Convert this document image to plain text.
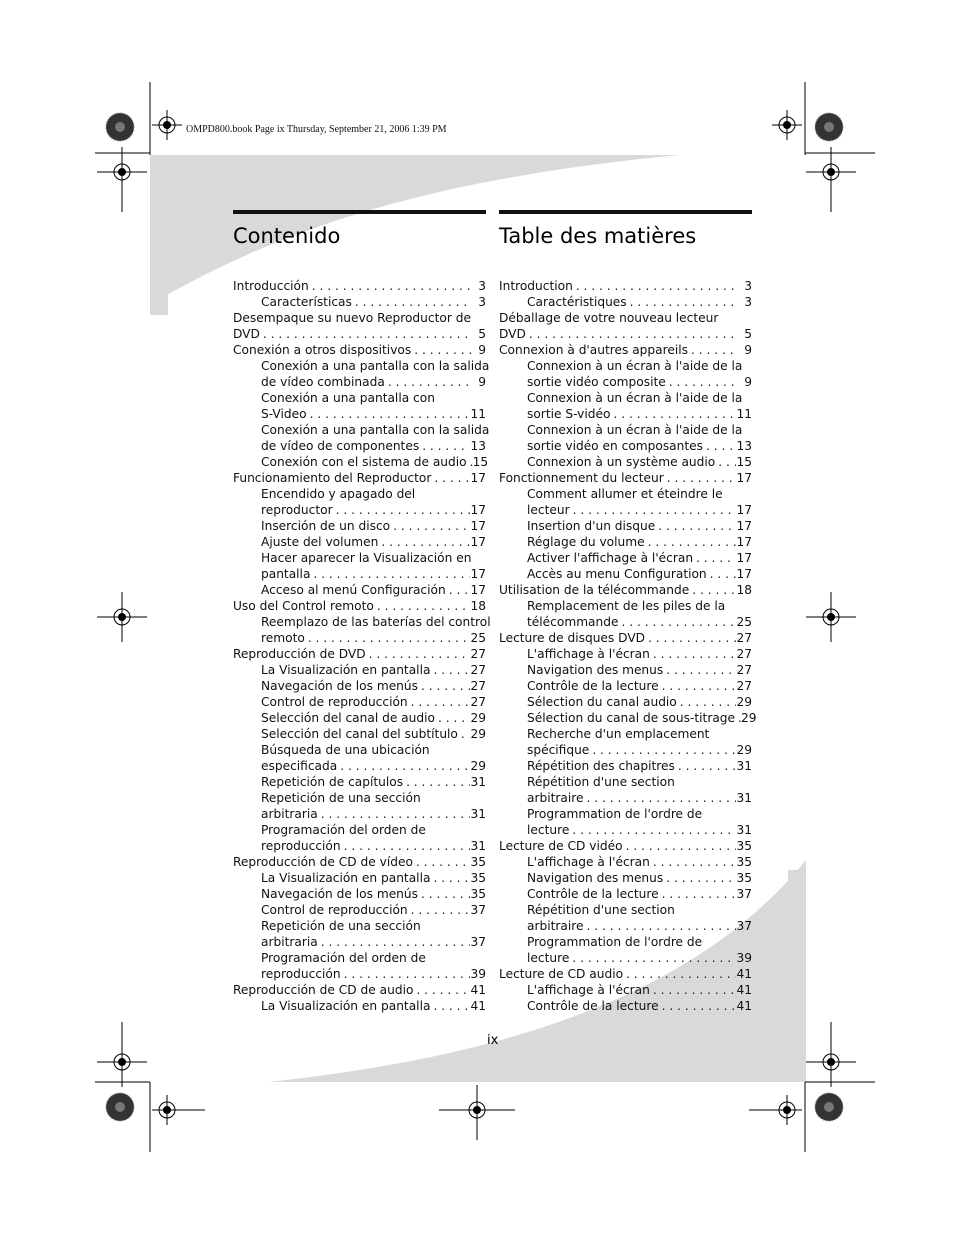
OMPD800.book Page ix Thursday, September 21, 2006 1:39 PM
Contenido
Introducción . . .	3
Características . . .	3
Desempaque su nuevo Reproductor de
DVD . . .	5
Conexión a otros dispositivos . . .	9
Conexión a una pantalla con la salida
de vídeo combinada . . .	9
Conexión a una pantalla con
S-Video . . .	11
Conexión a una pantalla con la salida
de vídeo de componentes . . .	13
Conexión con el sistema de audio . . . 15
Funcionamiento del Reproductor . . .	17
Encendido y apagado del
reproductor . . .	17
Inserción de un disco . . .	17
Ajuste del volumen . . .	17
Hacer aparecer la Visualización en
pantalla . . .	17
Acceso al menú Configuración . . . 17
Uso del Control remoto . . .	18
Reemplazo de las baterías del control
remoto . . .	25
Reproducción de DVD . . .	27
La Visualización en pantalla . . .	27
Navegación de los menús . . .	27
Control de reproducción . . .	27
Selección del canal de audio . . .	29
Selección del canal del subtítulo . . . 29
Búsqueda de una ubicación
especificada . . .	29
Repetición de capítulos . . .	31
Repetición de una sección
arbitraria . . .	31
Programación del orden de
reproducción . . .	31
Reproducción de CD de vídeo . . .	35
La Visualización en pantalla . . .	35
Navegación de los menús . . .	35
Control de reproducción . . .	37
Repetición de una sección
arbitraria . . .	37
Programación del orden de
reproducción . . .	39
Reproducción de CD de audio . . .	41
La Visualización en pantalla . . .	41
Table des matières
Introduction . . .	3
Caractéristiques . . .	3
Déballage de votre nouveau lecteur
DVD . . .	5
Connexion à d'autres appareils . . .	9
Connexion à un écran à l'aide de la
sortie vidéo composite . . .	9
Connexion à un écran à l'aide de la
sortie S-vidéo . . .	11
Connexion à un écran à l'aide de la
sortie vidéo en composantes . . .	13
Connexion à un système audio . . . 15
Fonctionnement du lecteur . . .	17
Comment allumer et éteindre le
lecteur . . .	17
Insertion d'un disque . . .	17
Réglage du volume . . .	17
Activer l'affichage à l'écran . . .	17
Accès au menu Configuration . . . 17
Utilisation de la télécommande . . .	18
Remplacement de les piles de la
télécommande . . .	25
Lecture de disques DVD . . .	27
L'affichage à l'écran . . .	27
Navigation des menus . . .	27
Contrôle de la lecture . . .	27
Sélection du canal audio . . .	29
Sélection du canal de sous-titrage . . . 29
Recherche d'un emplacement
spécifique . . .	29
Répétition des chapitres . . .	31
Répétition d'une section
arbitraire . . .	31
Programmation de l'ordre de
lecture . . .	31
Lecture de CD vidéo . . .	35
L'affichage à l'écran . . .	35
Navigation des menus . . .	35
Contrôle de la lecture . . .	37
Répétition d'une section
arbitraire . . .	37
Programmation de l'ordre de
lecture . . .	39
Lecture de CD audio . . .	41
L'affichage à l'écran . . .	41
Contrôle de la lecture . . .	41
ix
